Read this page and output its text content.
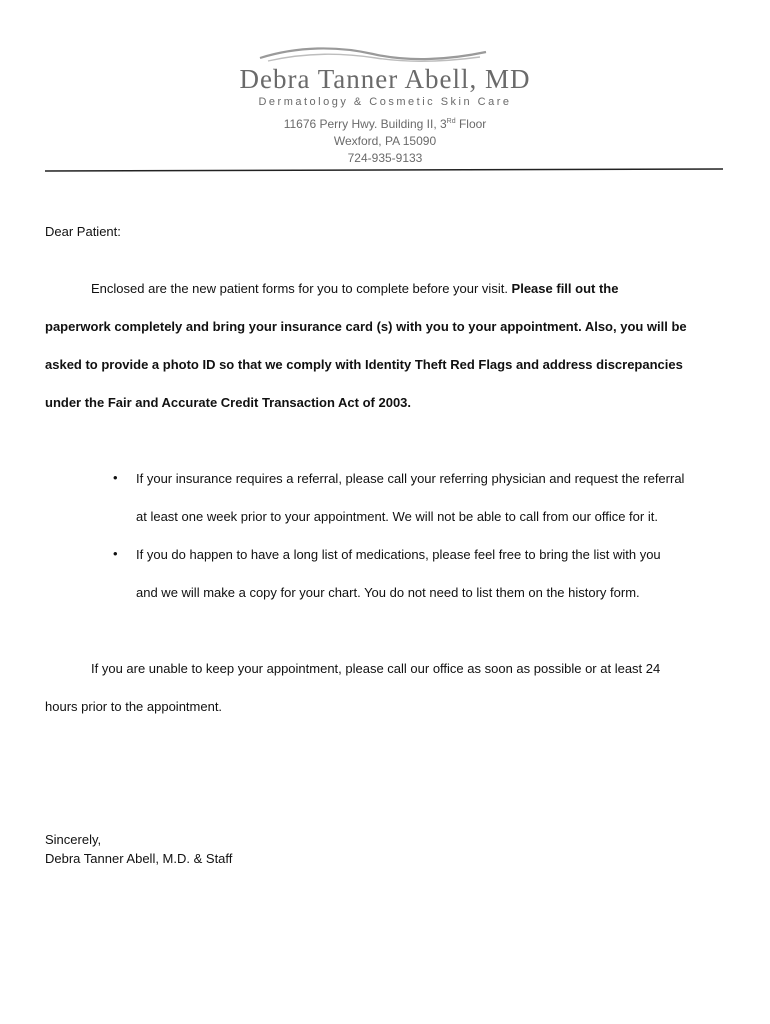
Debra Tanner Abell, MD
Dermatology & Cosmetic Skin Care
11676 Perry Hwy. Building II, 3Rd Floor
Wexford, PA 15090
724-935-9133
Dear Patient:
Enclosed are the new patient forms for you to complete before your visit. Please fill out the
paperwork completely and bring your insurance card (s) with you to your appointment. Also, you will be
asked to provide a photo ID so that we comply with Identity Theft Red Flags and address discrepancies
under the Fair and Accurate Credit Transaction Act of 2003.
• If your insurance requires a referral, please call your referring physician and request the referral
at least one week prior to your appointment. We will not be able to call from our office for it.
• If you do happen to have a long list of medications, please feel free to bring the list with you
and we will make a copy for your chart. You do not need to list them on the history form.
If you are unable to keep your appointment, please call our office as soon as possible or at least 24
hours prior to the appointment.
Sincerely,
Debra Tanner Abell, M.D. & Staff
